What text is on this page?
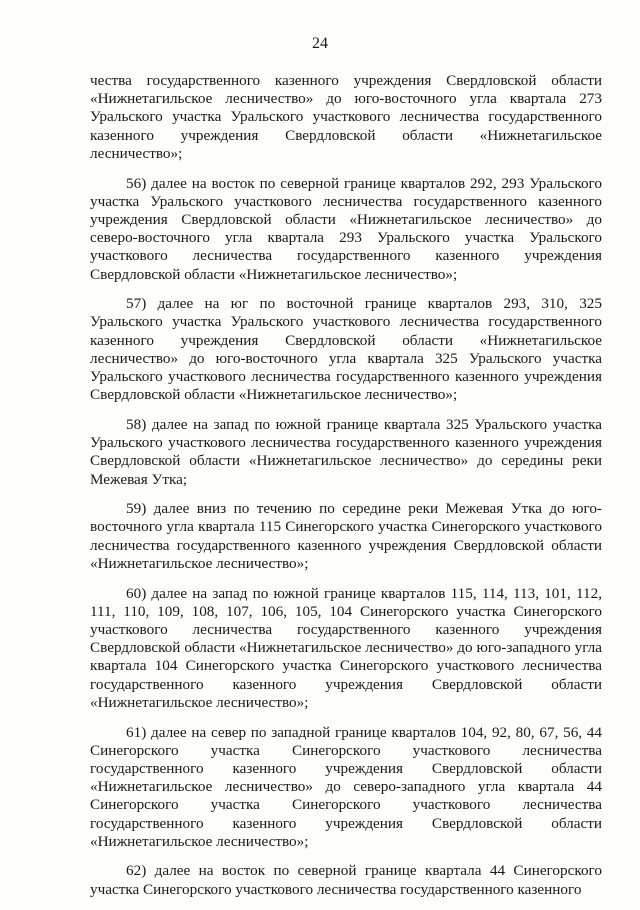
24

чества государственного казенного учреждения Свердловской области «Нижнетагильское лесничество» до юго-восточного угла квартала 273 Уральского участка Уральского участкового лесничества государственного казенного учреждения Свердловской области «Нижнетагильское лесничество»;

56) далее на восток по северной границе кварталов 292, 293 Уральского участка Уральского участкового лесничества государственного казенного учреждения Свердловской области «Нижнетагильское лесничество» до северо-восточного угла квартала 293 Уральского участка Уральского участкового лесничества государственного казенного учреждения Свердловской области «Нижнетагильское лесничество»;

57) далее на юг по восточной границе кварталов 293, 310, 325 Уральского участка Уральского участкового лесничества государственного казенного учреждения Свердловской области «Нижнетагильское лесничество» до юго-восточного угла квартала 325 Уральского участка Уральского участкового лесничества государственного казенного учреждения Свердловской области «Нижнетагильское лесничество»;

58) далее на запад по южной границе квартала 325 Уральского участка Уральского участкового лесничества государственного казенного учреждения Свердловской области «Нижнетагильское лесничество» до середины реки Межевая Утка;

59) далее вниз по течению по середине реки Межевая Утка до юго-восточного угла квартала 115 Синегорского участка Синегорского участкового лесничества государственного казенного учреждения Свердловской области «Нижнетагильское лесничество»;

60) далее на запад по южной границе кварталов 115, 114, 113, 101, 112, 111, 110, 109, 108, 107, 106, 105, 104 Синегорского участка Синегорского участкового лесничества государственного казенного учреждения Свердловской области «Нижнетагильское лесничество» до юго-западного угла квартала 104 Синегорского участка Синегорского участкового лесничества государственного казенного учреждения Свердловской области «Нижнетагильское лесничество»;

61) далее на север по западной границе кварталов 104, 92, 80, 67, 56, 44 Синегорского участка Синегорского участкового лесничества государственного казенного учреждения Свердловской области «Нижнетагильское лесничество» до северо-западного угла квартала 44 Синегорского участка Синегорского участкового лесничества государственного казенного учреждения Свердловской области «Нижнетагильское лесничество»;

62) далее на восток по северной границе квартала 44 Синегорского участка Синегорского участкового лесничества государственного казенного
